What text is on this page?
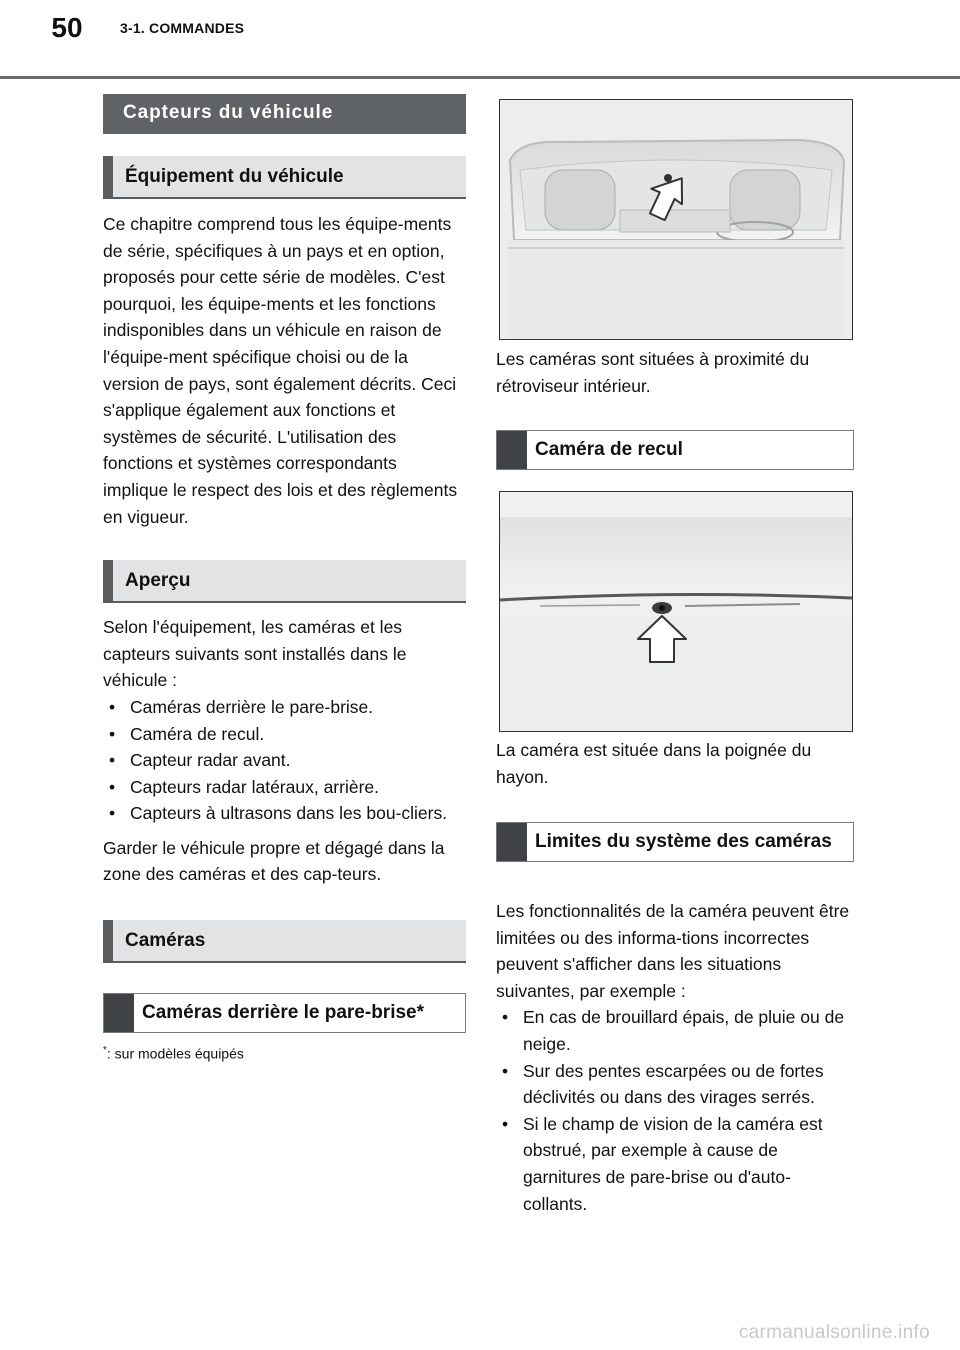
50	3-1. COMMANDES
Capteurs du véhicule
Équipement du véhicule

Ce chapitre comprend tous les équipe-ments de série, spécifiques à un pays et en option, proposés pour cette série de modèles. C'est pourquoi, les équipe-ments et les fonctions indisponibles dans un véhicule en raison de l'équipe-ment spécifique choisi ou de la version de pays, sont également décrits. Ceci s'applique également aux fonctions et systèmes de sécurité. L'utilisation des fonctions et systèmes correspondants implique le respect des lois et des règlements en vigueur.

Aperçu

Selon l'équipement, les caméras et les capteurs suivants sont installés dans le véhicule :

• Caméras derrière le pare-brise.
• Caméra de recul.
• Capteur radar avant.
• Capteurs radar latéraux, arrière.
• Capteurs à ultrasons dans les bou-cliers.

Garder le véhicule propre et dégagé dans la zone des caméras et des cap-teurs.

Caméras
Caméras derrière le pare-brise*
*: sur modèles équipés

Les caméras sont situées à proximité du rétroviseur intérieur.

Caméra de recul

La caméra est située dans la poignée du hayon.

Limites du système des caméras

Les fonctionnalités de la caméra peuvent être limitées ou des informa-tions incorrectes peuvent s'afficher dans les situations suivantes, par exemple :

• En cas de brouillard épais, de pluie ou de neige.
• Sur des pentes escarpées ou de fortes déclivités ou dans des virages serrés.
• Si le champ de vision de la caméra est obstrué, par exemple à cause de garnitures de pare-brise ou d'auto-collants.
carmanualsonline.info
